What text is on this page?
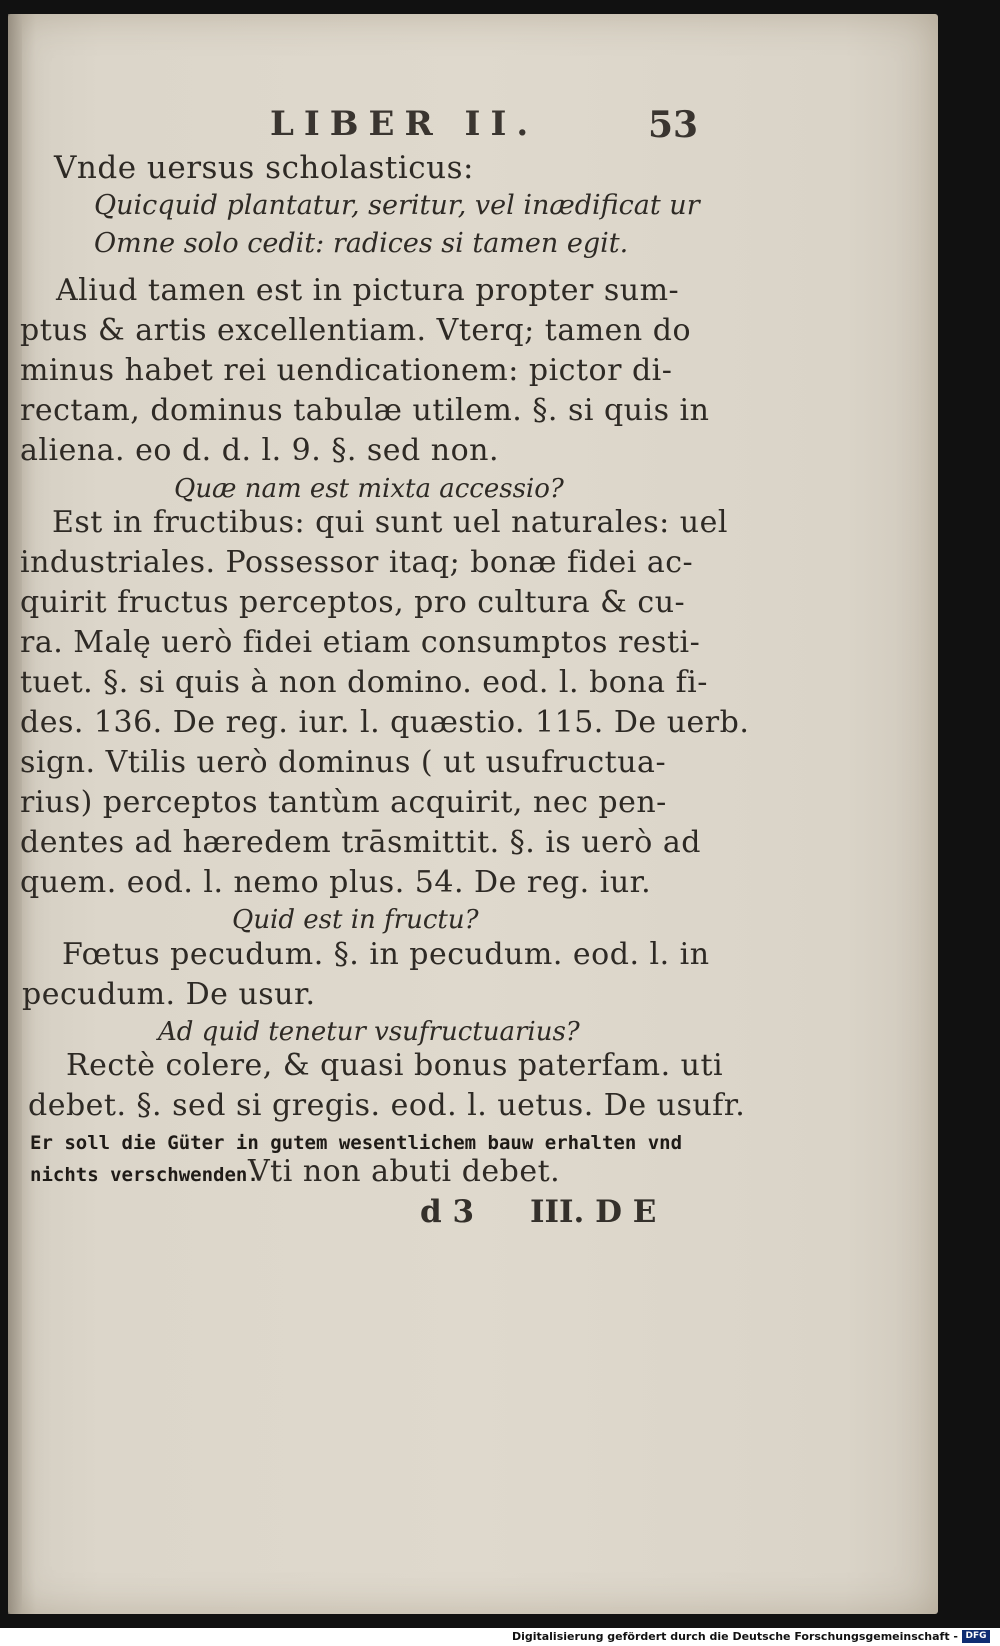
LIBER II.	53
Vnde uersus scholasticus:
Quicquid plantatur, seritur, vel inædificat ur
Omne solo cedit: radices si tamen egit.
Aliud tamen est in pictura propter sum-
ptus & artis excellentiam. Vterq; tamen do
minus habet rei uendicationem: pictor di-
rectam, dominus tabulæ utilem. §. si quis in
aliena. eo d. d. l. 9. §. sed non.
Quæ nam est mixta accessio?
Est in fructibus: qui sunt uel naturales: uel
industriales. Possessor itaq; bonæ fidei ac-
quirit fructus perceptos, pro cultura & cu-
ra. Malę uerò fidei etiam consumptos resti-
tuet. §. si quis à non domino. eod. l. bona fi-
des. 136. De reg. iur. l. quæstio. 115. De uerb.
sign. Vtilis uerò dominus ( ut usufructua-
rius) perceptos tantùm acquirit, nec pen-
dentes ad hæredem trāsmittit. §. is uerò ad
quem. eod. l. nemo plus. 54. De reg. iur.
Quid est in fructu?
Fœtus pecudum. §. in pecudum. eod. l. in
pecudum. De usur.
Ad quid tenetur vsufructuarius?
Rectè colere, & quasi bonus paterfam. uti
debet. §. sed si gregis. eod. l. uetus. De usufr.
Er soll die Güter in gutem wesentlichem bauw erhalten vnd
nichts verschwenden.
Vti non abuti debet.
d 3 III. D E
Digitalisierung gefördert durch die Deutsche Forschungsgemeinschaft - DFG
